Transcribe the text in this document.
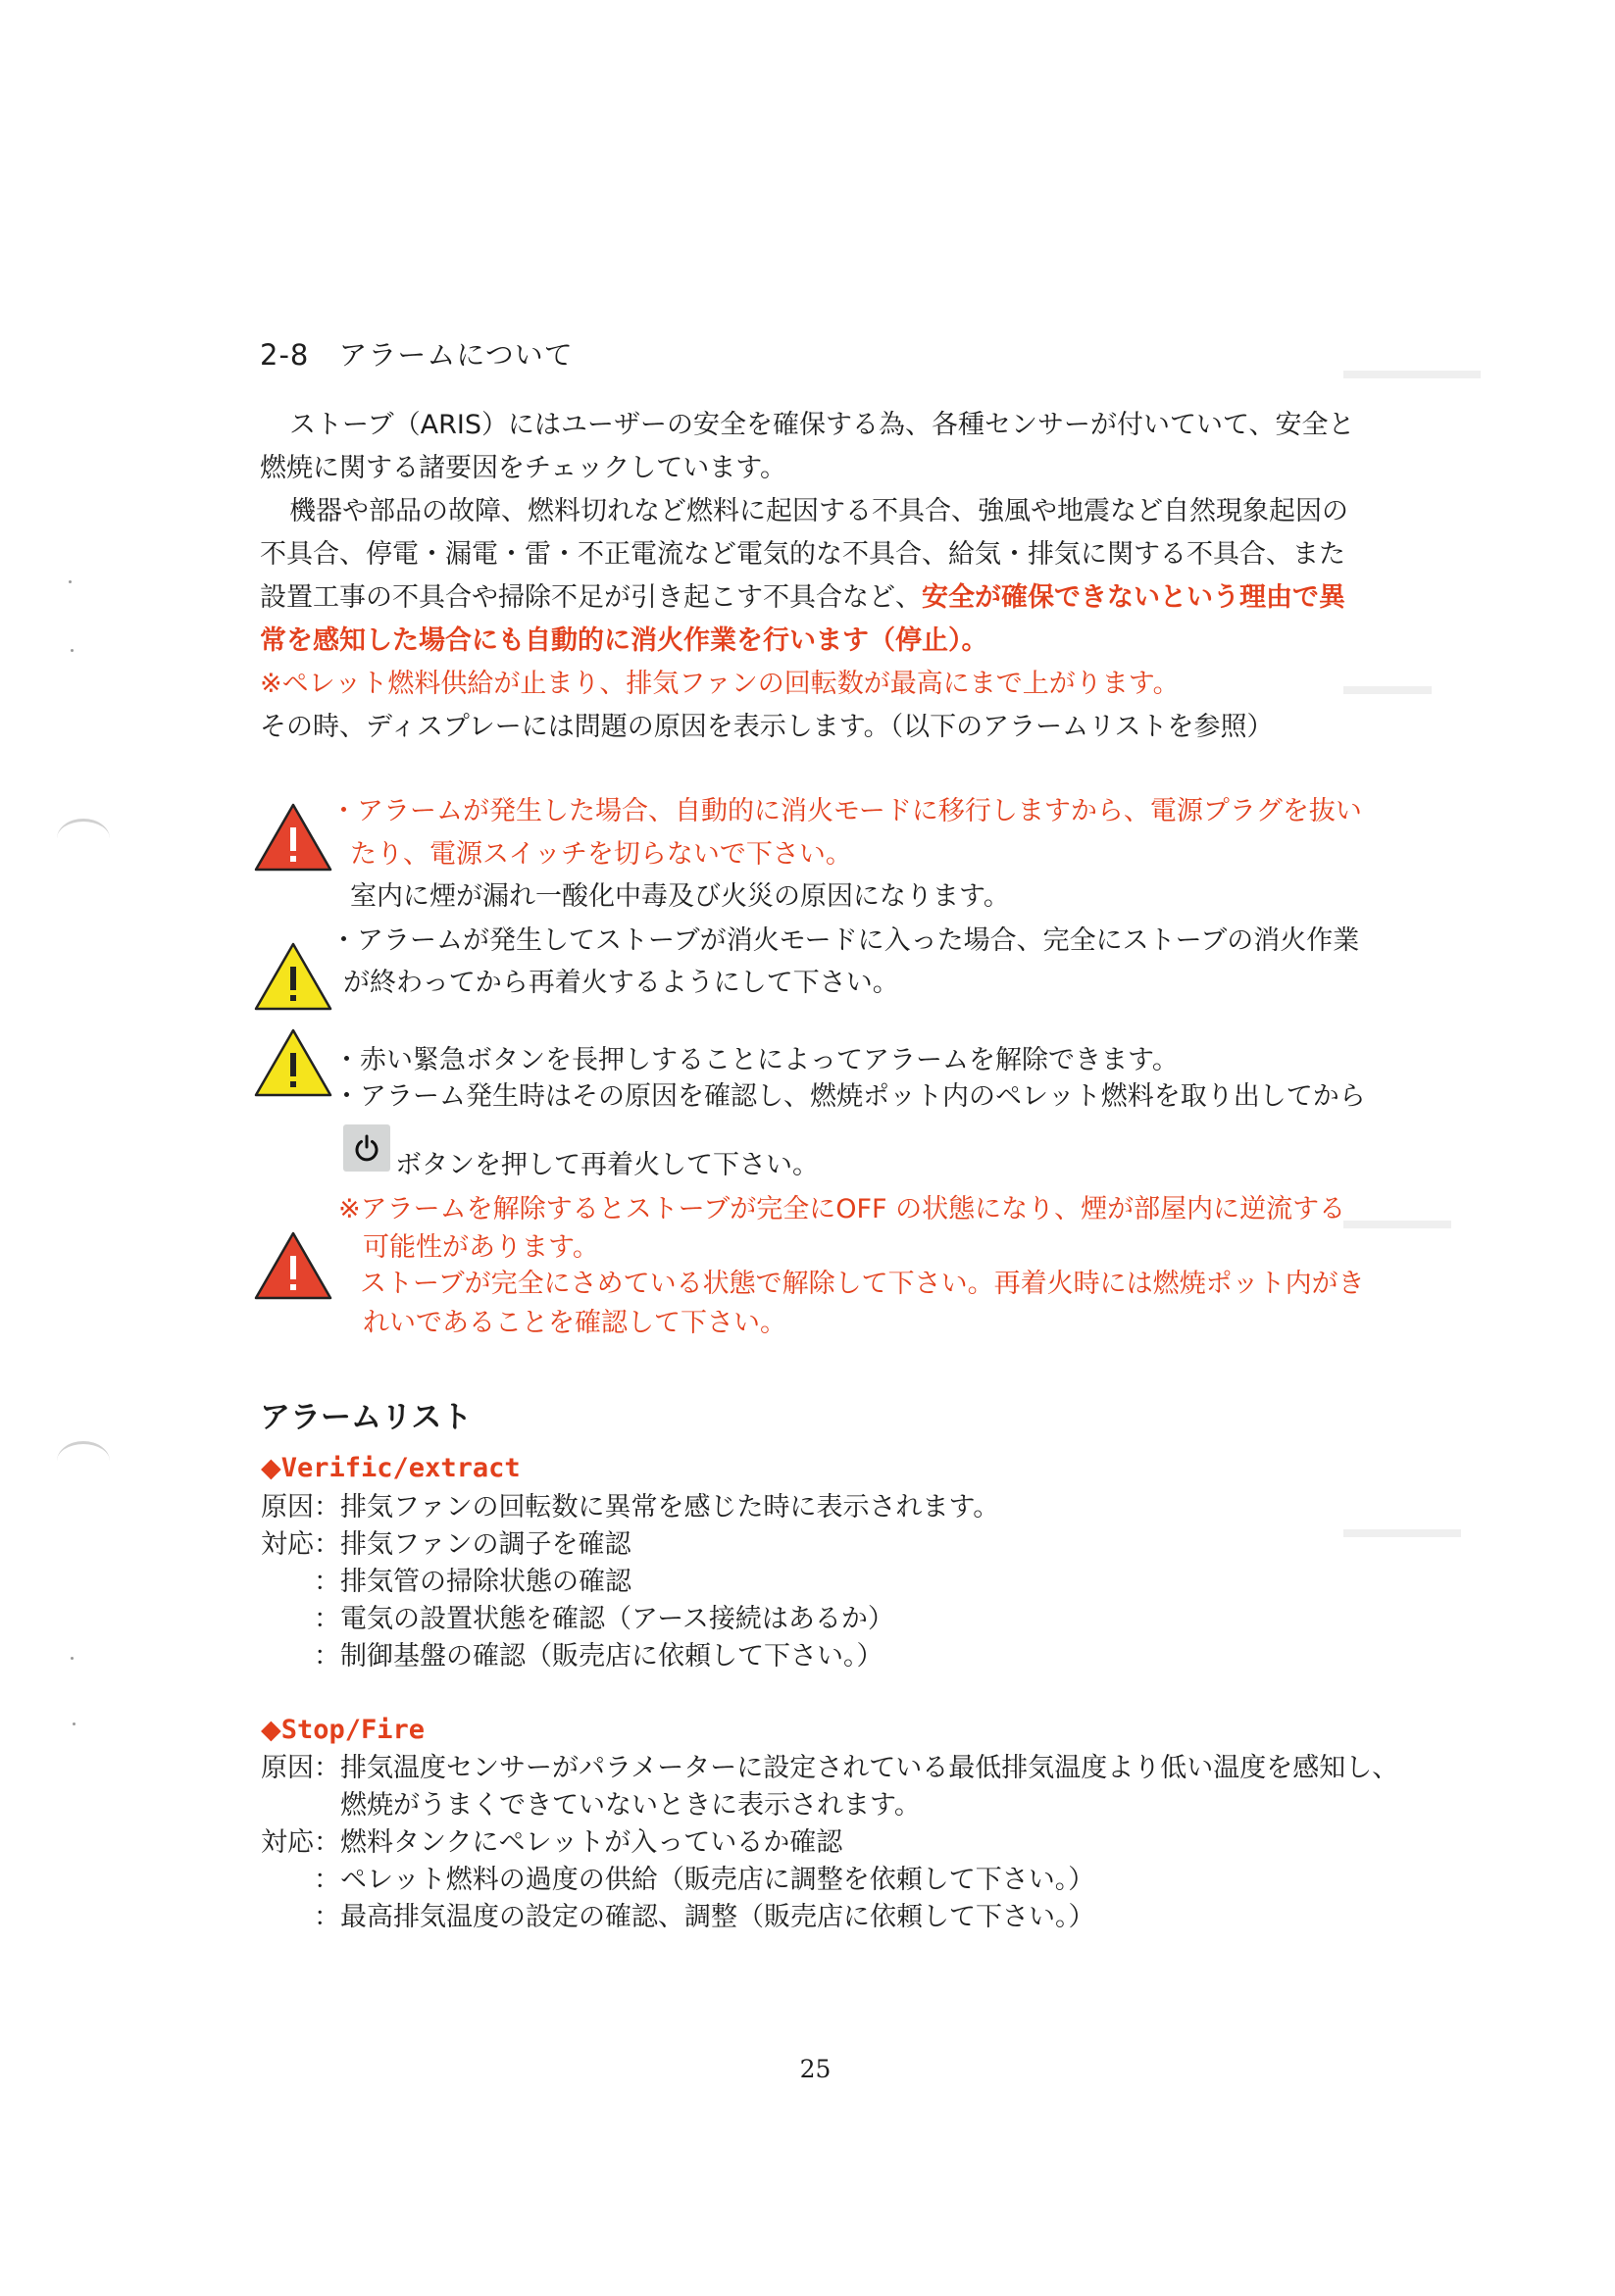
2-8　アラームについて

ストーブ（ARIS）にはユーザーの安全を確保する為、各種センサーが付いていて、安全と

燃焼に関する諸要因をチェックしています。

機器や部品の故障、燃料切れなど燃料に起因する不具合、強風や地震など自然現象起因の

不具合、停電・漏電・雷・不正電流など電気的な不具合、給気・排気に関する不具合、また

設置工事の不具合や掃除不足が引き起こす不具合など、安全が確保できないという理由で異

常を感知した場合にも自動的に消火作業を行います（停止）。

※ペレット燃料供給が止まり、排気ファンの回転数が最高にまで上がります。

その時、ディスプレーには問題の原因を表示します。（以下のアラームリストを参照）

・アラームが発生した場合、自動的に消火モードに移行しますから、電源プラグを抜い
たり、電源スイッチを切らないで下さい。
室内に煙が漏れ一酸化中毒及び火災の原因になります。
・アラームが発生してストーブが消火モードに入った場合、完全にストーブの消火作業
が終わってから再着火するようにして下さい。
・赤い緊急ボタンを長押しすることによってアラームを解除できます。
・アラーム発生時はその原因を確認し、燃焼ポット内のペレット燃料を取り出してから
ボタンを押して再着火して下さい。
※アラームを解除するとストーブが完全にOFF の状態になり、煙が部屋内に逆流する
可能性があります。
ストーブが完全にさめている状態で解除して下さい。再着火時には燃焼ポット内がき
れいであることを確認して下さい。
アラームリスト
◆Verific/extract
原因：排気ファンの回転数に異常を感じた時に表示されます。
対応：排気ファンの調子を確認
：排気管の掃除状態の確認
：電気の設置状態を確認（アース接続はあるか）
：制御基盤の確認（販売店に依頼して下さい。）
◆Stop/Fire
原因：排気温度センサーがパラメーターに設定されている最低排気温度より低い温度を感知し、
燃焼がうまくできていないときに表示されます。
対応：燃料タンクにペレットが入っているか確認
：ペレット燃料の過度の供給（販売店に調整を依頼して下さい。）
：最高排気温度の設定の確認、調整（販売店に依頼して下さい。）
25
